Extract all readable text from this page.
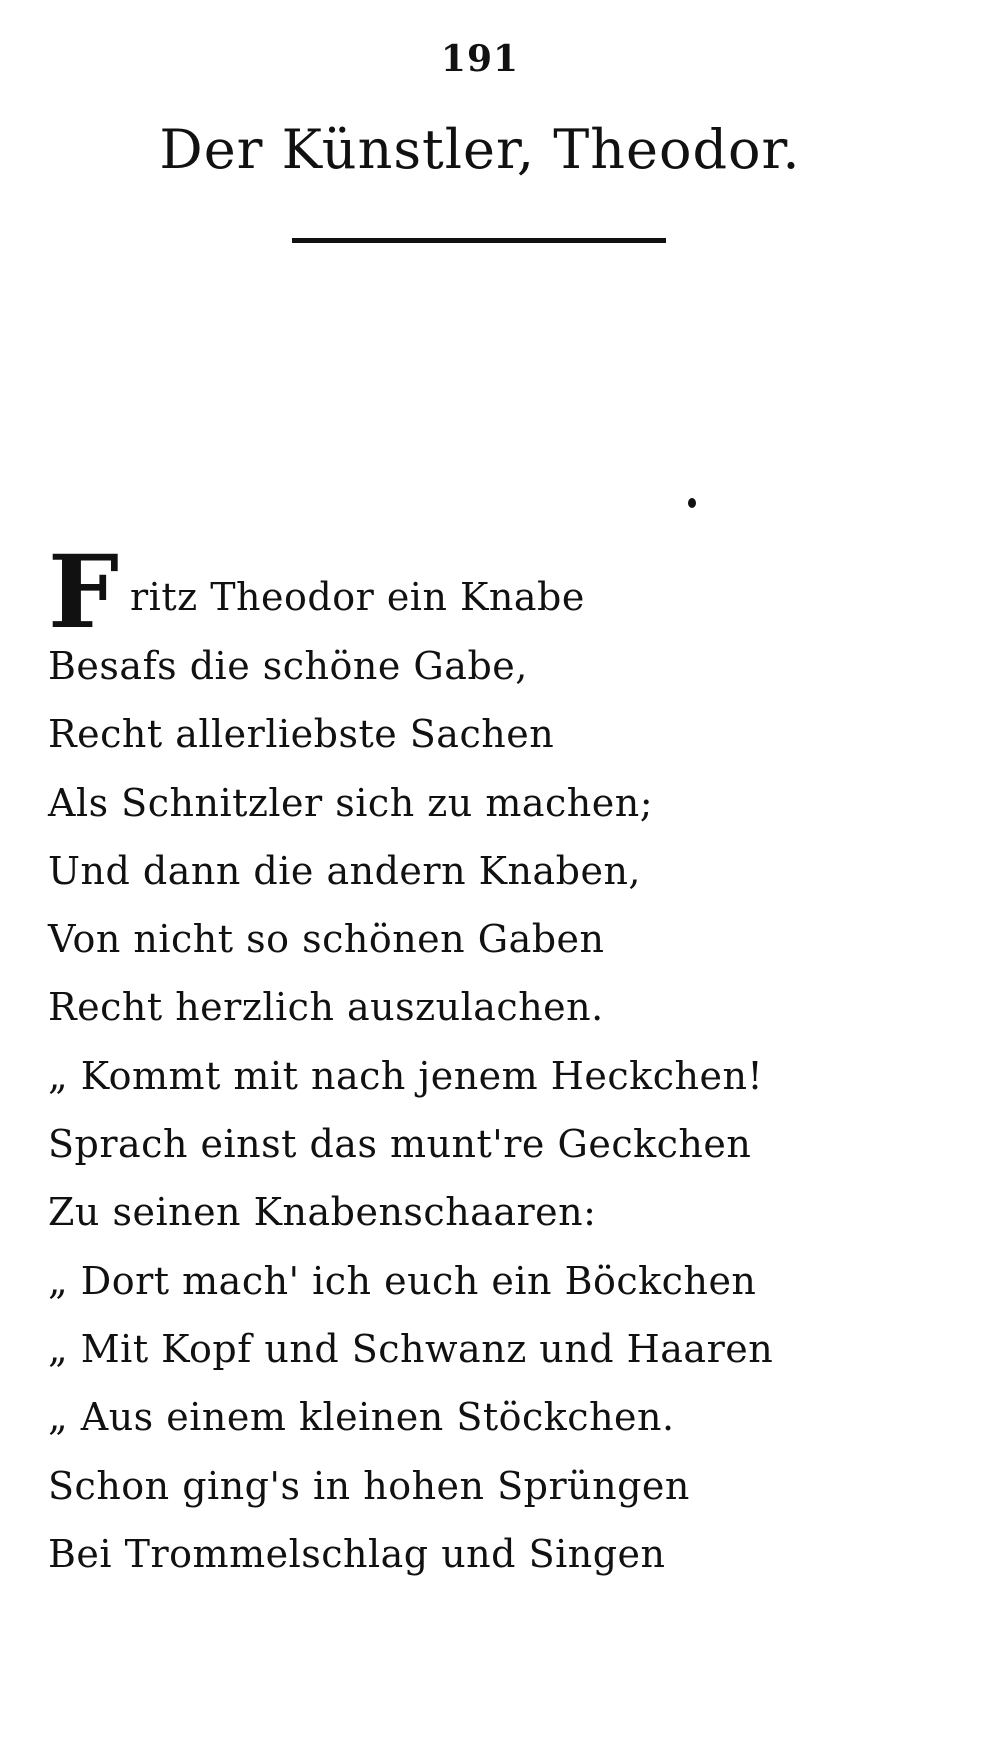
191
Der Künstler, Theodor.
F ritz Theodor ein Knabe
Besafs die schöne Gabe,
Recht allerliebste Sachen
Als Schnitzler sich zu machen;
Und dann die andern Knaben,
Von nicht so schönen Gaben
Recht herzlich auszulachen.
„ Kommt mit nach jenem Heckchen!
Sprach einst das munt're Geckchen
Zu seinen Knabenschaaren:
„ Dort mach' ich euch ein Böckchen
„ Mit Kopf und Schwanz und Haaren
„ Aus einem kleinen Stöckchen.
Schon ging's in hohen Sprüngen
Bei Trommelschlag und Singen
